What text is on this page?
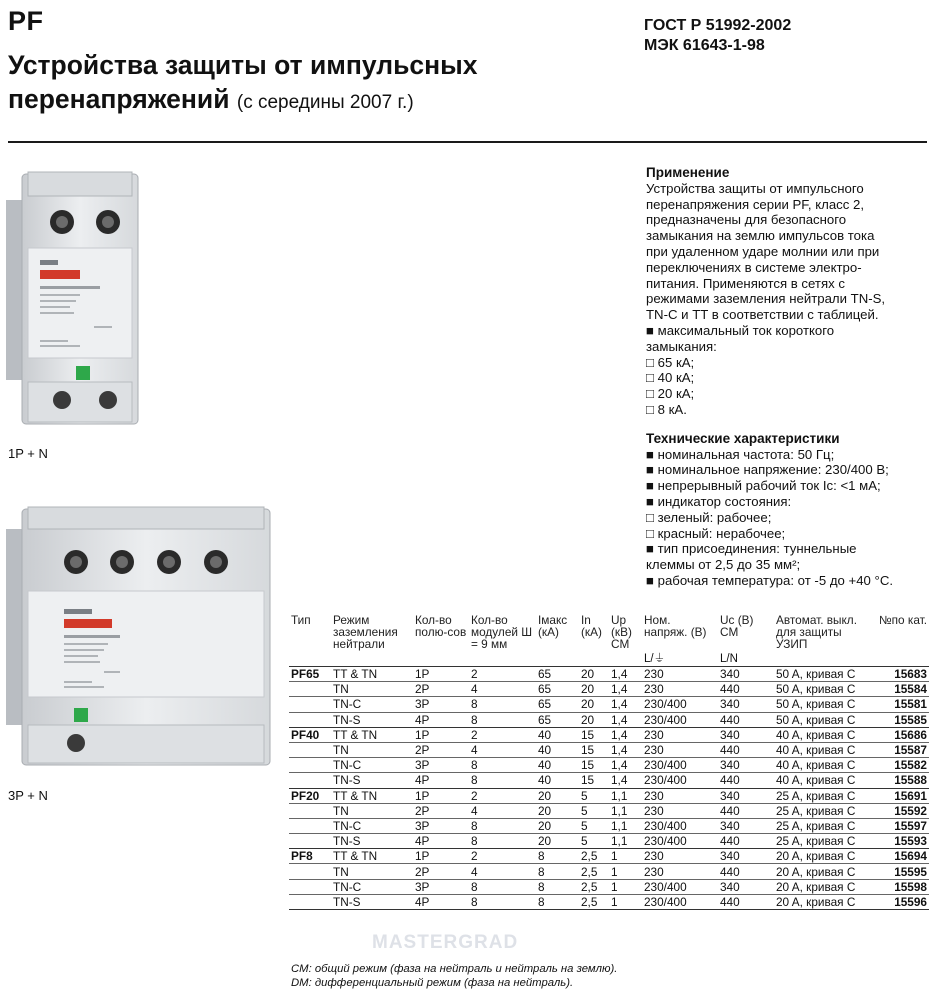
PF
Устройства защиты от импульсных
перенапряжений (с середины 2007 г.)
ГОСТ Р 51992-2002
МЭК 61643-1-98
1P + N
3P + N
Применение
Устройства защиты от импульсного
перенапряжения серии PF, класс 2,
предназначены для безопасного
замыкания на землю импульсов тока
при удаленном ударе молнии или при
переключениях в системе электро-
питания. Применяются в сетях с
режимами заземления нейтрали TN-S,
TN-C и TT в соответствии с таблицей.
■ максимальный ток короткого
замыкания:
□ 65 кА;
□ 40 кА;
□ 20 кА;
□ 8 кА.
Технические характеристики
■ номинальная частота: 50 Гц;
■ номинальное напряжение: 230/400 В;
■ непрерывный рабочий ток Ic: <1 мА;
■ индикатор состояния:
□ зеленый: рабочее;
□ красный: нерабочее;
■ тип присоединения: туннельные
клеммы от 2,5 до 35 мм²;
■ рабочая температура: от -5 до +40 °C.
Тип	Режим заземления нейтрали	Кол-во полю-сов	Кол-во модулей Ш = 9 мм	Iмакс (кА)	In (кА)	Up (кВ) CM	Ном. напряж. (В)	Uc (В) CM	Автомат. выкл. для защиты УЗИП	№по кат.
							L/⏚	L/N		
PF65	TT & TN	1P	2	65	20	1,4	230	340	50 A, кривая C	15683
	TN	2P	4	65	20	1,4	230	440	50 A, кривая C	15584
	TN-C	3P	8	65	20	1,4	230/400	340	50 A, кривая C	15581
	TN-S	4P	8	65	20	1,4	230/400	440	50 A, кривая C	15585
PF40	TT & TN	1P	2	40	15	1,4	230	340	40 A, кривая C	15686
	TN	2P	4	40	15	1,4	230	440	40 A, кривая C	15587
	TN-C	3P	8	40	15	1,4	230/400	340	40 A, кривая C	15582
	TN-S	4P	8	40	15	1,4	230/400	440	40 A, кривая C	15588
PF20	TT & TN	1P	2	20	5	1,1	230	340	25 A, кривая C	15691
	TN	2P	4	20	5	1,1	230	440	25 A, кривая C	15592
	TN-C	3P	8	20	5	1,1	230/400	340	25 A, кривая C	15597
	TN-S	4P	8	20	5	1,1	230/400	440	25 A, кривая C	15593
PF8	TT & TN	1P	2	8	2,5	1	230	340	20 A, кривая C	15694
	TN	2P	4	8	2,5	1	230	440	20 A, кривая C	15595
	TN-C	3P	8	8	2,5	1	230/400	340	20 A, кривая C	15598
	TN-S	4P	8	8	2,5	1	230/400	440	20 A, кривая C	15596
CM: общий режим (фаза на нейтраль и нейтраль на землю).
DM: дифференциальный режим (фаза на нейтраль).
MASTERGRAD
